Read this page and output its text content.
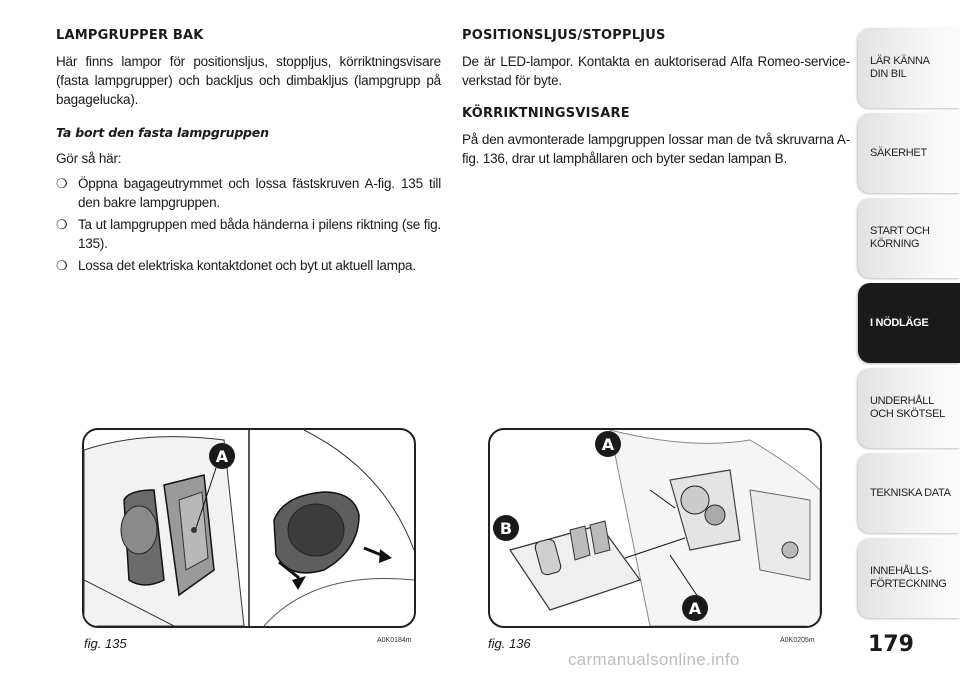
LAMPGRUPPER BAK

Här finns lampor för positionsljus, stoppljus, körriktningsvisare (fasta lampgrupper) och backljus och dimbakljus (lampgrupp på bagagelucka).

Ta bort den fasta lampgruppen

Gör så här:

❍ Öppna bagageutrymmet och lossa fästskruven A-fig. 135 till den bakre lampgruppen.
❍ Ta ut lampgruppen med båda händerna i pilens riktning (se fig. 135).
❍ Lossa det elektriska kontaktdonet och byt ut aktuell lampa.
POSITIONSLJUS/STOPPLJUS

De är LED-lampor. Kontakta en auktoriserad Alfa Romeo-service-verkstad för byte.

KÖRRIKTNINGSVISARE

På den avmonterade lampgruppen lossar man de två skruvarna A-fig. 136, drar ut lamphållaren och byter sedan lampan B.

A
fig. 135	A0K0184m
A
B
A
fig. 136	A0K0205m
LÄR KÄNNA
DIN BIL
SÄKERHET
START OCH
KÖRNING
I NÖDLÄGE
UNDERHÅLL
OCH SKÖTSEL
TEKNISKA DATA
INNEHÅLLS-
FÖRTECKNING
179
carmanualsonline.info
